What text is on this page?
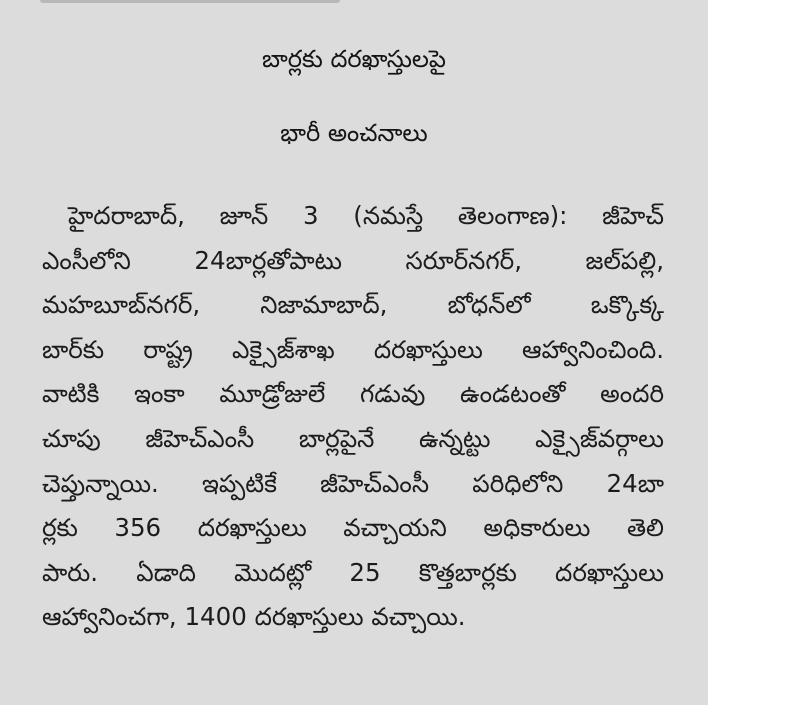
బార్లకు దరఖాస్తులపై
భారీ అంచనాలు
హైదరాబాద్, జూన్ 3 (నమస్తే తెలంగాణ): జీహెచ్
ఎంసీలోని 24బార్లతోపాటు సరూర్‌నగర్, జల్‌పల్లి,
మహబూబ్‌నగర్, నిజామాబాద్, బోధన్‌లో ఒక్కొక్క
బార్‌కు రాష్ట్ర ఎక్సైజ్‌శాఖ దరఖాస్తులు ఆహ్వానించింది.
వాటికి ఇంకా మూడ్రోజులే గడువు ఉండటంతో అందరి
చూపు జీహెచ్‌ఎంసీ బార్లపైనే ఉన్నట్టు ఎక్సైజ్‌వర్గాలు
చెప్తున్నాయి. ఇప్పటికే జీహెచ్‌ఎంసీ పరిధిలోని 24బా
ర్లకు 356 దరఖాస్తులు వచ్చాయని అధికారులు తెలి
పారు. ఏడాది మొదట్లో 25 కొత్తబార్లకు దరఖాస్తులు
ఆహ్వానించగా, 1400 దరఖాస్తులు వచ్చాయి.
